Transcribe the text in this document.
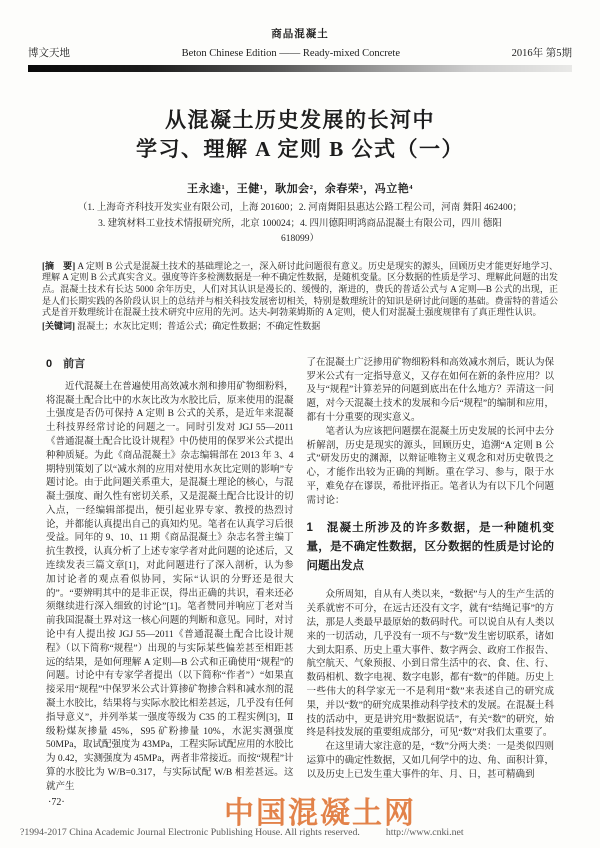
商品混凝土
博文天地	Beton Chinese Edition —— Ready-mixed Concrete	2016年 第5期
从混凝土历史发展的长河中
学习、理解 A 定则 B 公式（一）
王永逵¹，王健¹，耿加会²，余春荣³，冯立艳⁴
（1. 上海奇齐科技开发实业有限公司，上海 201600；2. 河南舞阳县惠达公路工程公司，河南 舞阳 462400；
3. 建筑材料工业技术情报研究所，北京 100024；4. 四川德阳明鸿商品混凝土有限公司，四川 德阳
618099）
[摘　要] A 定则 B 公式是混凝土技术的基础理论之一，深入研讨此问题很有意义。历史是现实的源头，回顾历史才能更好地学习、理解 A 定则 B 公式真实含义。强度等许多检测数据是一种不确定性数据，是随机变量。区分数据的性质是学习、理解此问题的出发点。混凝土技术有长达 5000 余年历史，人们对其认识是漫长的、缓慢的，渐进的，费氏的普适公式与 A 定则—B 公式的出现，正是人们长期实践的各阶段认识上的总结并与相关科技发展密切相关，特别是数理统计的知识是研讨此问题的基础。费雷特的普适公式是首开数理统计在混凝土技术研究中应用的先河。达夫-阿勃莱姆斯的 A 定则，使人们对混凝土强度规律有了真正理性认识。
[关键词] 混凝土；水灰比定则；普适公式；确定性数据；不确定性数据
0　前言

近代混凝土在普遍使用高效减水剂和掺用矿物细粉料，将混凝土配合比中的水灰比改为水胶比后，原来使用的混凝土强度是否仍可保持 A 定则 B 公式的关系，是近年来混凝土科技界经常讨论的问题之一。同时引发对 JGJ 55—2011《普通混凝土配合比设计规程》中仍使用的保罗米公式提出种种质疑。为此《商品混凝土》杂志编辑部在 2013 年 3、4 期特别策划了以“减水剂的应用对使用水灰比定则的影响”专题讨论。由于此问题关系重大，是混凝土理论的核心，与混凝土强度、耐久性有密切关系，又是混凝土配合比设计的切入点，一经编辑部提出，便引起业界专家、教授的热烈讨论，并都能认真提出自己的真知灼见。笔者在认真学习后很受益。同年的 9、10、11 期《商品混凝土》杂志名誉主编丁抗生教授，认真分析了上述专家学者对此问题的论述后，又连续发表三篇文章[1]，对此问题进行了深入剖析，认为参加讨论者的观点看似协同，实际“认识的分野还是很大的”。“要辨明其中的是非正误，得出正确的共识，看来还必须继续进行深入细致的讨论”[1]。笔者赞同并响应丁老对当前我国混凝土界对这一核心问题的判断和意见。同时，对讨论中有人提出按 JGJ 55—2011《普通混凝土配合比设计规程》（以下简称“规程”）出现的与实际某些偏差甚至相距甚远的结果，是如何理解 A 定则—B 公式和正确使用“规程”的问题。讨论中有专家学者提出（以下简称“作者”）“如果直接采用“规程”中保罗米公式计算掺矿物掺合料和减水剂的混凝土水胶比，结果将与实际水胶比相差甚远，几乎没有任何指导意义”，并列举某一强度等级为 C35 的工程实例[3]，Ⅱ级粉煤灰掺量 45%，S95 矿粉掺量 10%，水泥实测强度 50MPa，取试配强度为 43MPa，工程实际试配应用的水胶比为 0.42，实测强度为 45MPa，两者非常接近。而按“规程”计算的水胶比为 W/B=0.317，与实际试配 W/B 相差甚远。这就产生

了在混凝土广泛掺用矿物细粉料和高效减水剂后，既认为保罗米公式有一定指导意义，又存在如何在新的条件应用？以及与“规程”计算差异的问题到底出在什么地方？弄清这一问题，对今天混凝土技术的发展和今后“规程”的编制和应用，都有十分重要的现实意义。

笔者认为应该把问题摆在混凝土历史发展的长河中去分析解剖，历史是现实的源头，回顾历史，追溯“A 定则 B 公式”研发历史的渊源，以辩证唯物主义观念和对历史敬畏之心，才能作出较为正确的判断。重在学习、参与，限于水平，难免存在谬误，希批评指正。笔者认为有以下几个问题需讨论：

1　混凝土所涉及的许多数据，是一种随机变量，是不确定性数据，区分数据的性质是讨论的问题出发点

众所周知，自从有人类以来，“数据”与人的生产生活的关系就密不可分，在远古还没有文字，就有“结绳记事”的方法，那是人类最早最原始的数码时代。可以说自从有人类以来的一切活动，几乎没有一项不与“数”发生密切联系，诸如大到太阳系、历史上重大事件、数字两会、政府工作报告、航空航天、气象预报、小到日常生活中的衣、食、住、行、数码相机、数字电视、数字电影，都有“数”的伴随。历史上一些伟大的科学家无一不是利用“数”来表述自己的研究成果，并以“数”的研究成果推动科学技术的发展。在混凝土科技的活动中，更是讲究用“数据说话”，有关“数”的研究，始终是科技发展的重要组成部分，可见“数”对我们太重要了。

在这里请大家注意的是，“数”分两大类：一是类似四则运算中的确定性数据，又如几何学中的边、角、面积计算，以及历史上已发生重大事件的年、月、日，甚可精确到

·72·	中国混凝土网
?1994-2017 China Academic Journal Electronic Publishing House. All rights reserved.	http://www.cnki.net
